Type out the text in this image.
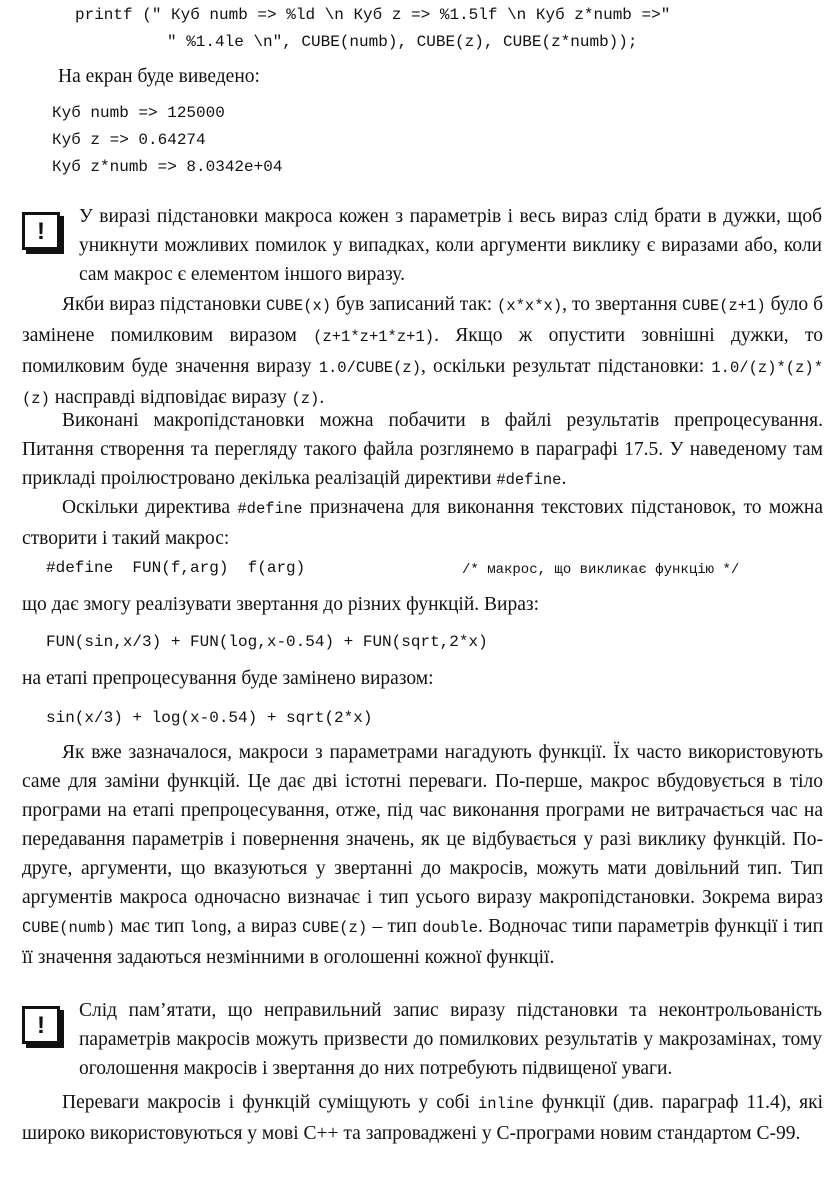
printf (" Куб numb => %ld \n Куб z => %1.5lf \n Куб z*numb =>"
" %1.4le \n", CUBE(numb), CUBE(z), CUBE(z*numb));
На екран буде виведено:
Куб numb => 125000
Куб z => 0.64274
Куб z*numb => 8.0342e+04
!
У виразі підстановки макроса кожен з параметрів і весь вираз слід брати в дужки, щоб уникнути можливих помилок у випадках, коли аргументи виклику є виразами або, коли сам макрос є елементом іншого виразу.

Якби вираз підстановки CUBE(x) був записаний так: (x*x*x), то звертання CUBE(z+1) було б замінене помилковим виразом (z+1*z+1*z+1). Якщо ж опустити зовнішні дужки, то помилковим буде значення виразу 1.0/CUBE(z), оскільки результат підстановки: 1.0/(z)*(z)*(z) насправді відповідає виразу (z).

Виконані макропідстановки можна побачити в файлі результатів препроцесування. Питання створення та перегляду такого файла розглянемо в параграфі 17.5. У наведеному там прикладі проілюстровано декілька реалізацій директиви #define.

Оскільки директива #define призначена для виконання текстових підстановок, то можна створити і такий макрос:

#define  FUN(f,arg)  f(arg)	/* макрос, що викликає функцію */
що дає змогу реалізувати звертання до різних функцій. Вираз:
FUN(sin,x/3) + FUN(log,x-0.54) + FUN(sqrt,2*x)
на етапі препроцесування буде замінено виразом:
sin(x/3) + log(x-0.54) + sqrt(2*x)

Як вже зазначалося, макроси з параметрами нагадують функції. Їх часто використовують саме для заміни функцій. Це дає дві істотні переваги. По-перше, макрос вбудовується в тіло програми на етапі препроцесування, отже, під час виконання програми не витрачається час на передавання параметрів і повернення значень, як це відбувається у разі виклику функцій. По-друге, аргументи, що вказуються у звертанні до макросів, можуть мати довільний тип. Тип аргументів макроса одночасно визначає і тип усього виразу макропідстановки. Зокрема вираз CUBE(numb) має тип long, а вираз CUBE(z) – тип double. Водночас типи параметрів функції і тип її значення задаються незмінними в оголошенні кожної функції.

!
Слід пам’ятати, що неправильний запис виразу підстановки та неконтрольованість параметрів макросів можуть призвести до помилкових результатів у макрозамінах, тому оголошення макросів і звертання до них потребують підвищеної уваги.

Переваги макросів і функцій суміщують у собі inline функції (див. параграф 11.4), які широко використовуються у мові C++ та запроваджені у С-програми новим стандартом С-99.
